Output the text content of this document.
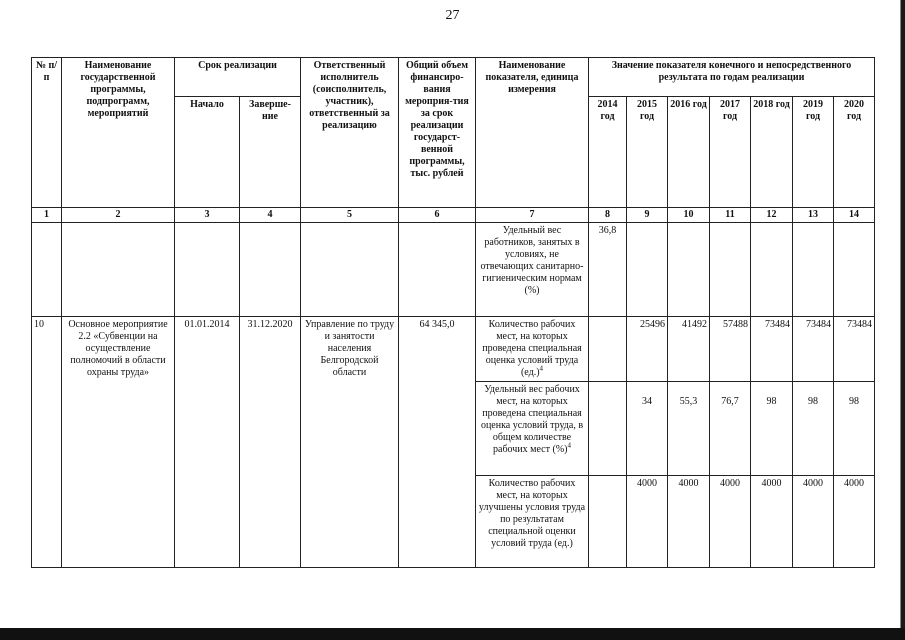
27
№ п/п	Наименование государственной программы, подпрограмм, мероприятий	Срок реализации		Ответственный исполнитель (соисполнитель, участник), ответственный за реализацию	Общий объем финансиро-вания мероприя-тия за срок реализации государст-венной программы, тыс. рублей	Наименование показателя, единица измерения	Значение показателя конечного и непосредственного результата по годам реализации						
		Начало	Заверше-ние				2014 год	2015 год	2016 год	2017 год	2018 год	2019 год	2020 год
1	2	3	4	5	6	7	8	9	10	11	12	13	14
						Удельный вес работников, занятых в условиях, не отвечающих санитарно-гигиеническим нормам (%)	36,8						
10	Основное мероприятие 2.2 «Субвенции на осуществление полномочий в области охраны труда»	01.01.2014	31.12.2020	Управление по труду и занятости населения Белгородской области	64 345,0	Количество рабочих мест, на которых проведена специальная оценка условий труда $(ед.)^4$		25496	41492	57488	73484	73484	73484
						Удельный вес рабочих мест, на которых проведена специальная оценка условий труда, в общем количестве рабочих мест (%)$^4$		34	55,3	76,7	98	98	98
						Количество рабочих мест, на которых улучшены условия труда по результатам специальной оценки условий труда (ед.)		4000	4000	4000	4000	4000	4000
